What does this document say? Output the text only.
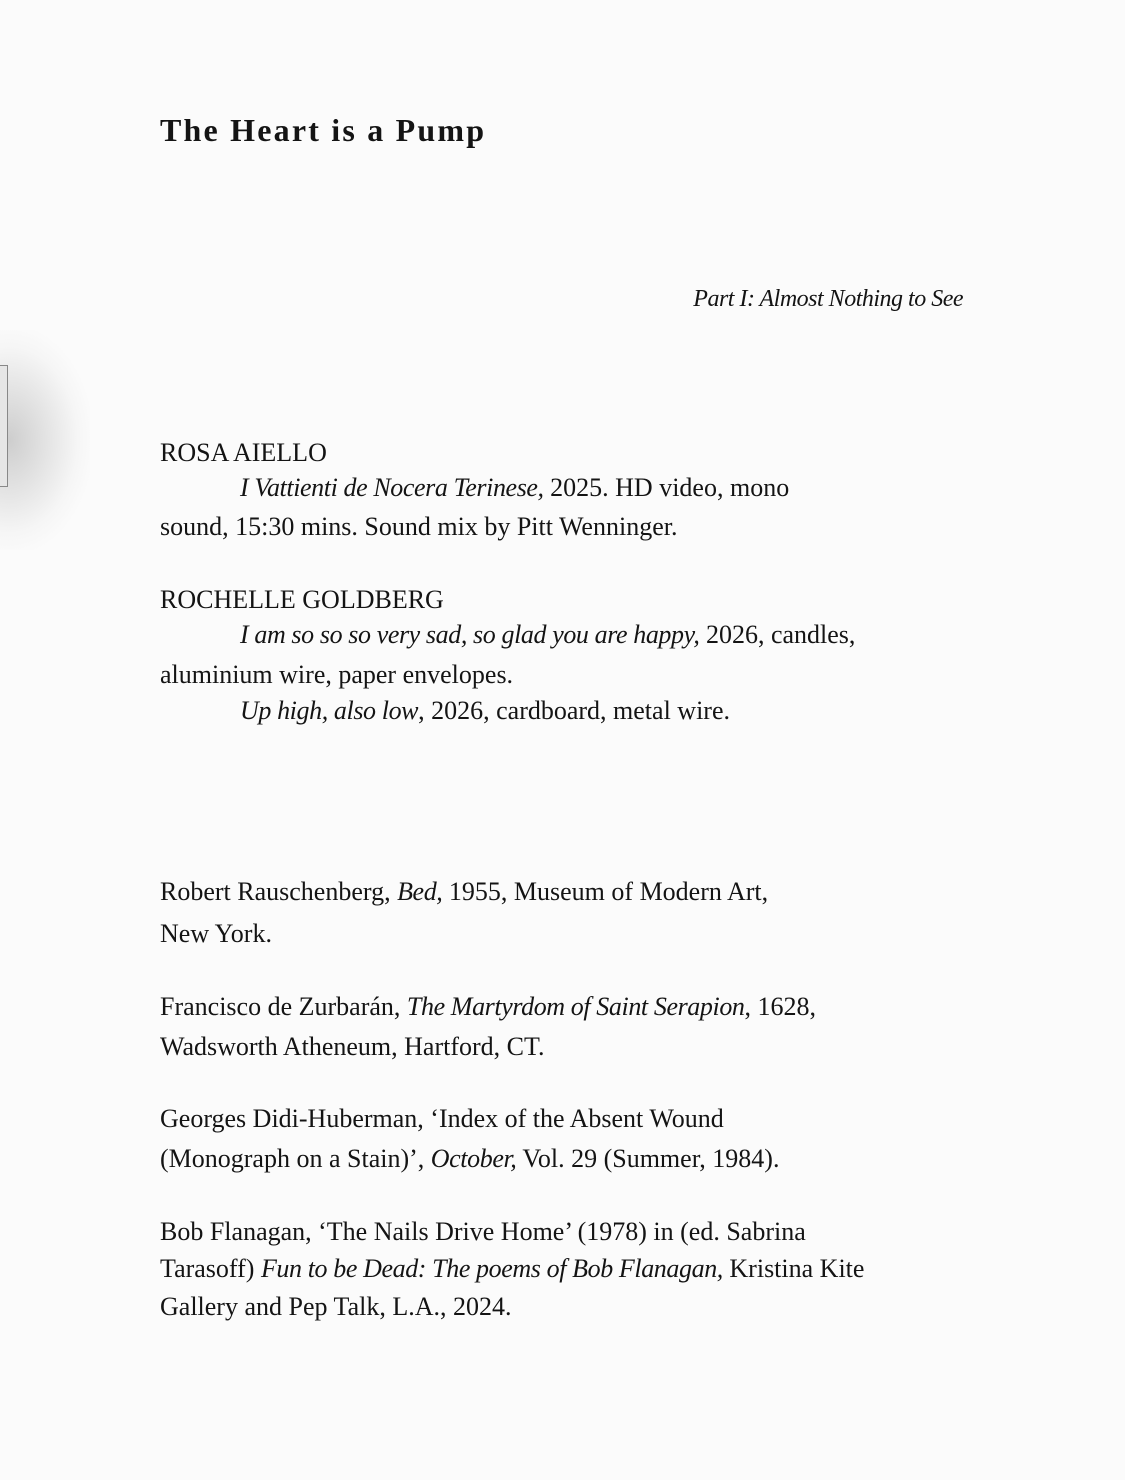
The Heart is a Pump
Part I: Almost Nothing to See
ROSA AIELLO
I Vattienti de Nocera Terinese, 2025. HD video, mono
sound, 15:30 mins. Sound mix by Pitt Wenninger.
ROCHELLE GOLDBERG
I am so so so very sad, so glad you are happy, 2026, candles,
aluminium wire, paper envelopes.
Up high, also low, 2026, cardboard, metal wire.
Robert Rauschenberg, Bed, 1955, Museum of Modern Art,
New York.
Francisco de Zurbarán, The Martyrdom of Saint Serapion, 1628,
Wadsworth Atheneum, Hartford, CT.
Georges Didi-Huberman, ‘Index of the Absent Wound
(Monograph on a Stain)’, October, Vol. 29 (Summer, 1984).
Bob Flanagan, ‘The Nails Drive Home’ (1978) in (ed. Sabrina
Tarasoff) Fun to be Dead: The poems of Bob Flanagan, Kristina Kite
Gallery and Pep Talk, L.A., 2024.
